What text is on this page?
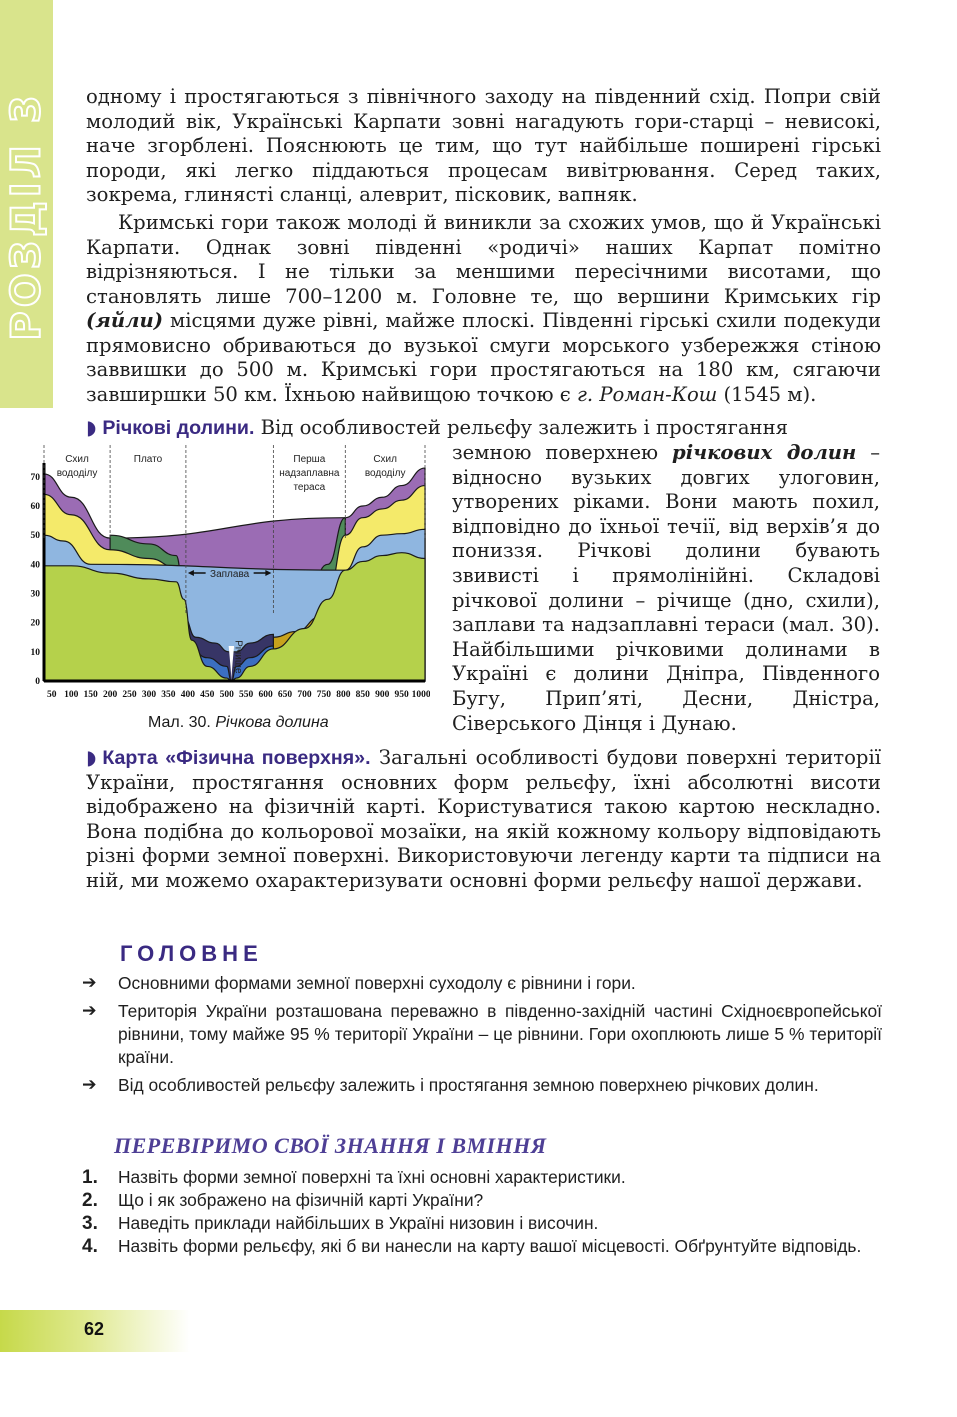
РОЗДІЛ 3 одному і простягаються з північного заходу на південний схід. Попри свій молодий вік, Українські Карпати зовні нагадують гори-старці – невисокі, наче згорблені. Пояснюють це тим, що тут найбільше поширені гірські породи, які легко піддаються процесам вивітрювання. Серед таких, зокрема, глинясті сланці, алеврит, пісковик, вапняк.

Кримські гори також молоді й виникли за схожих умов, що й Українські Карпати. Однак зовні південні «родичі» наших Карпат помітно відрізняються. І не тільки за меншими пересічними висотами, що становлять лише 700–1200 м. Головне те, що вершини Кримських гір (яйли) місцями дуже рівні, майже плоскі. Південні гірські схили подекуди прямовисно обриваються до вузької смуги морського узбережжя стіною заввишки до 500 м. Кримські гори простягаються на 180 км, сягаючи завширшки 50 км. Їхньою найвищою точкою є г. Роман-Кош (1545 м).

◗ Річкові долини. Від особливостей рельєфу залежить і простягання

земною поверхнею річкових долин – відносно вузьких довгих улоговин, утворених ріками. Вони мають похил, відповідно до їхньої течії, від верхів’я до пониззя. Річкові долини бувають звивисті і прямолінійні. Складові річкової долини – річище (дно, схили), заплави та надзаплавні тераси (мал. 30). Найбільшими річковими долинами в Україні є долини Дніпра, Південного Бугу, Прип’яті, Десни, Дністра, Сіверського Дінця і Дунаю.

Схил
вододілу
Плато
Заплава
Перша
надзаплавна
тераса
Схил
вододілу
Річище
0
10
20
30
40
50
60
70
50 100 150 200 250 300 350 400 450 500 550 600 650 700 750 800 850 900 950 1000
Мал. 30. Річкова долина

◗ Карта «Фізична поверхня». Загальні особливості будови поверхні території України, простягання основних форм рельєфу, їхні абсолютні висоти відображено на фізичній карті. Користуватися такою картою нескладно. Вона подібна до кольорової мозаїки, на якій кожному кольору відповідають різні форми земної поверхні. Використовуючи легенду карти та підписи на ній, ми можемо охарактеризувати основні форми рельєфу нашої держави.

ГОЛОВНЕ
➔	Основними формами земної поверхні суходолу є рівнини і гори.
➔	Територія України розташована переважно в південно-західній частині Східноєвропейської рівнини, тому майже 95 % території України – це рівнини. Гори охоплюють лише 5 % території країни.
➔	Від особливостей рельєфу залежить і простягання земною поверхнею річкових долин.
ПЕРЕВІРИМО СВОЇ ЗНАННЯ І ВМІННЯ
1.	Назвіть форми земної поверхні та їхні основні характеристики.
2.	Що і як зображено на фізичній карті України?
3.	Наведіть приклади найбільших в Україні низовин і височин.
4.	Назвіть форми рельєфу, які б ви нанесли на карту вашої місцевості. Обґрунтуйте відповідь.
62
